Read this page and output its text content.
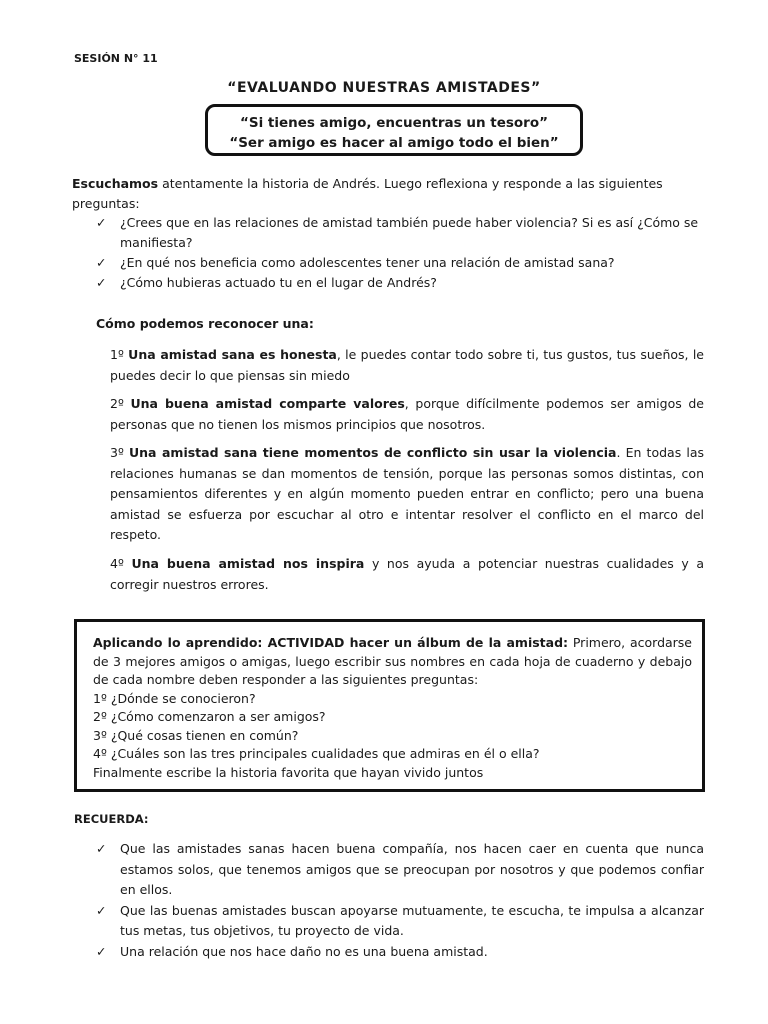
SESIÓN N° 11
“EVALUANDO NUESTRAS AMISTADES”
“Si tienes amigo, encuentras un tesoro”
“Ser amigo es hacer al amigo todo el bien”
Escuchamos atentamente la historia de Andrés. Luego reflexiona y responde a las siguientes preguntas:
✓ ¿Crees que en las relaciones de amistad también puede haber violencia? Si es así ¿Cómo se manifiesta?
✓ ¿En qué nos beneficia como adolescentes tener una relación de amistad sana?
✓ ¿Cómo hubieras actuado tu en el lugar de Andrés?
Cómo podemos reconocer una:
1º Una amistad sana es honesta, le puedes contar todo sobre ti, tus gustos, tus sueños, le puedes decir lo que piensas sin miedo
2º Una buena amistad comparte valores, porque difícilmente podemos ser amigos de personas que no tienen los mismos principios que nosotros.
3º Una amistad sana tiene momentos de conflicto sin usar la violencia. En todas las relaciones humanas se dan momentos de tensión, porque las personas somos distintas, con pensamientos diferentes y en algún momento pueden entrar en conflicto; pero una buena amistad se esfuerza por escuchar al otro e intentar resolver el conflicto en el marco del respeto.
4º Una buena amistad nos inspira y nos ayuda a potenciar nuestras cualidades y a corregir nuestros errores.
Aplicando lo aprendido: ACTIVIDAD hacer un álbum de la amistad: Primero, acordarse de 3 mejores amigos o amigas, luego escribir sus nombres en cada hoja de cuaderno y debajo de cada nombre deben responder a las siguientes preguntas:
1º ¿Dónde se conocieron?
2º ¿Cómo comenzaron a ser amigos?
3º ¿Qué cosas tienen en común?
4º ¿Cuáles son las tres principales cualidades que admiras en él o ella?
Finalmente escribe la historia favorita que hayan vivido juntos
RECUERDA:
✓ Que las amistades sanas hacen buena compañía, nos hacen caer en cuenta que nunca estamos solos, que tenemos amigos que se preocupan por nosotros y que podemos confiar en ellos.
✓ Que las buenas amistades buscan apoyarse mutuamente, te escucha, te impulsa a alcanzar tus metas, tus objetivos, tu proyecto de vida.
✓ Una relación que nos hace daño no es una buena amistad.
